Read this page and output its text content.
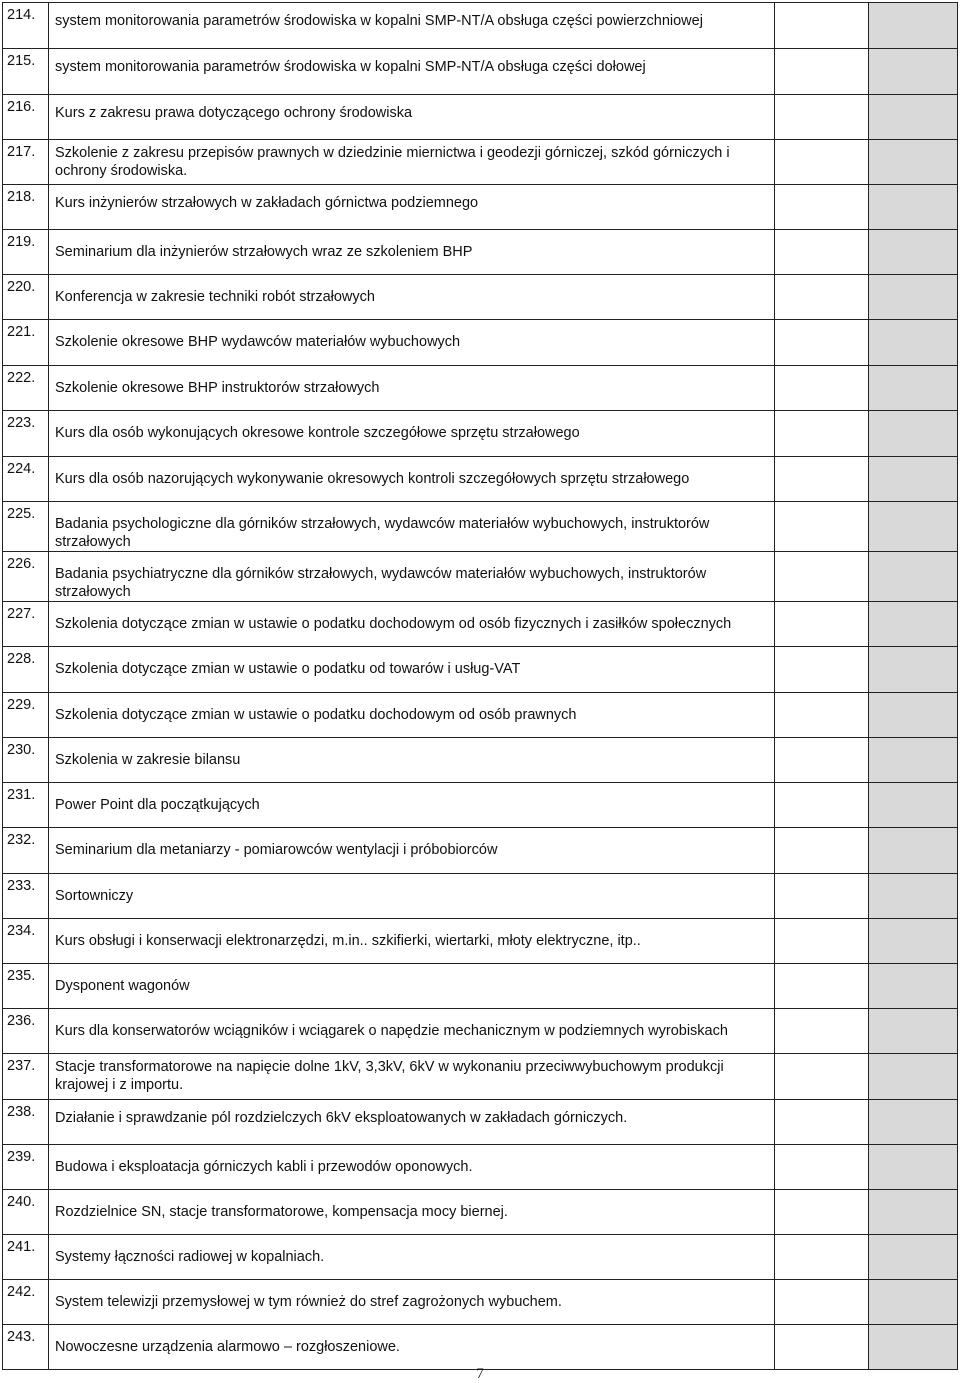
214.	system monitorowania parametrów środowiska w kopalni SMP-NT/A obsługa części powierzchniowej		

215.	system monitorowania parametrów środowiska w kopalni SMP-NT/A obsługa części dołowej		

216.	Kurs z zakresu prawa dotyczącego ochrony środowiska		

217.	Szkolenie z zakresu przepisów prawnych w dziedzinie miernictwa i geodezji górniczej, szkód górniczych i ochrony środowiska.		

218.	Kurs inżynierów strzałowych w zakładach górnictwa podziemnego		

219.	Seminarium dla inżynierów strzałowych wraz ze szkoleniem BHP		

220.	Konferencja w zakresie techniki robót strzałowych		

221.	Szkolenie okresowe BHP wydawców materiałów wybuchowych		

222.	Szkolenie okresowe BHP instruktorów strzałowych		

223.	Kurs dla osób wykonujących okresowe kontrole szczegółowe sprzętu strzałowego		

224.	Kurs dla osób nazorujących wykonywanie okresowych kontroli szczegółowych sprzętu strzałowego		

225.	Badania psychologiczne dla górników strzałowych, wydawców materiałów wybuchowych, instruktorów strzałowych		

226.	Badania psychiatryczne dla górników strzałowych, wydawców materiałów wybuchowych, instruktorów strzałowych		

227.	Szkolenia dotyczące zmian w ustawie o podatku dochodowym od osób fizycznych i zasiłków społecznych		

228.	Szkolenia dotyczące zmian w ustawie o podatku od towarów i usług-VAT		

229.	Szkolenia dotyczące zmian w ustawie o podatku dochodowym od osób prawnych		

230.	Szkolenia w zakresie bilansu		

231.	Power Point dla początkujących		

232.	Seminarium dla metaniarzy - pomiarowców wentylacji i próbobiorców		

233.	Sortowniczy		

234.	Kurs obsługi i konserwacji elektronarzędzi, m.in.. szkifierki, wiertarki, młoty elektryczne, itp..		

235.	Dysponent wagonów		

236.	Kurs dla konserwatorów wciągników i wciągarek o napędzie mechanicznym w podziemnych wyrobiskach		

237.	Stacje transformatorowe na napięcie dolne 1kV, 3,3kV, 6kV w wykonaniu przeciwwybuchowym produkcji krajowej i z importu.		

238.	Działanie i sprawdzanie pól rozdzielczych 6kV eksploatowanych w zakładach górniczych.		

239.	Budowa i eksploatacja górniczych kabli i przewodów oponowych.		

240.	Rozdzielnice SN, stacje transformatorowe, kompensacja mocy biernej.		

241.	Systemy łączności radiowej w kopalniach.		

242.	System telewizji przemysłowej w tym również do stref zagrożonych wybuchem.		

243.	Nowoczesne urządzenia alarmowo – rozgłoszeniowe.		

7
